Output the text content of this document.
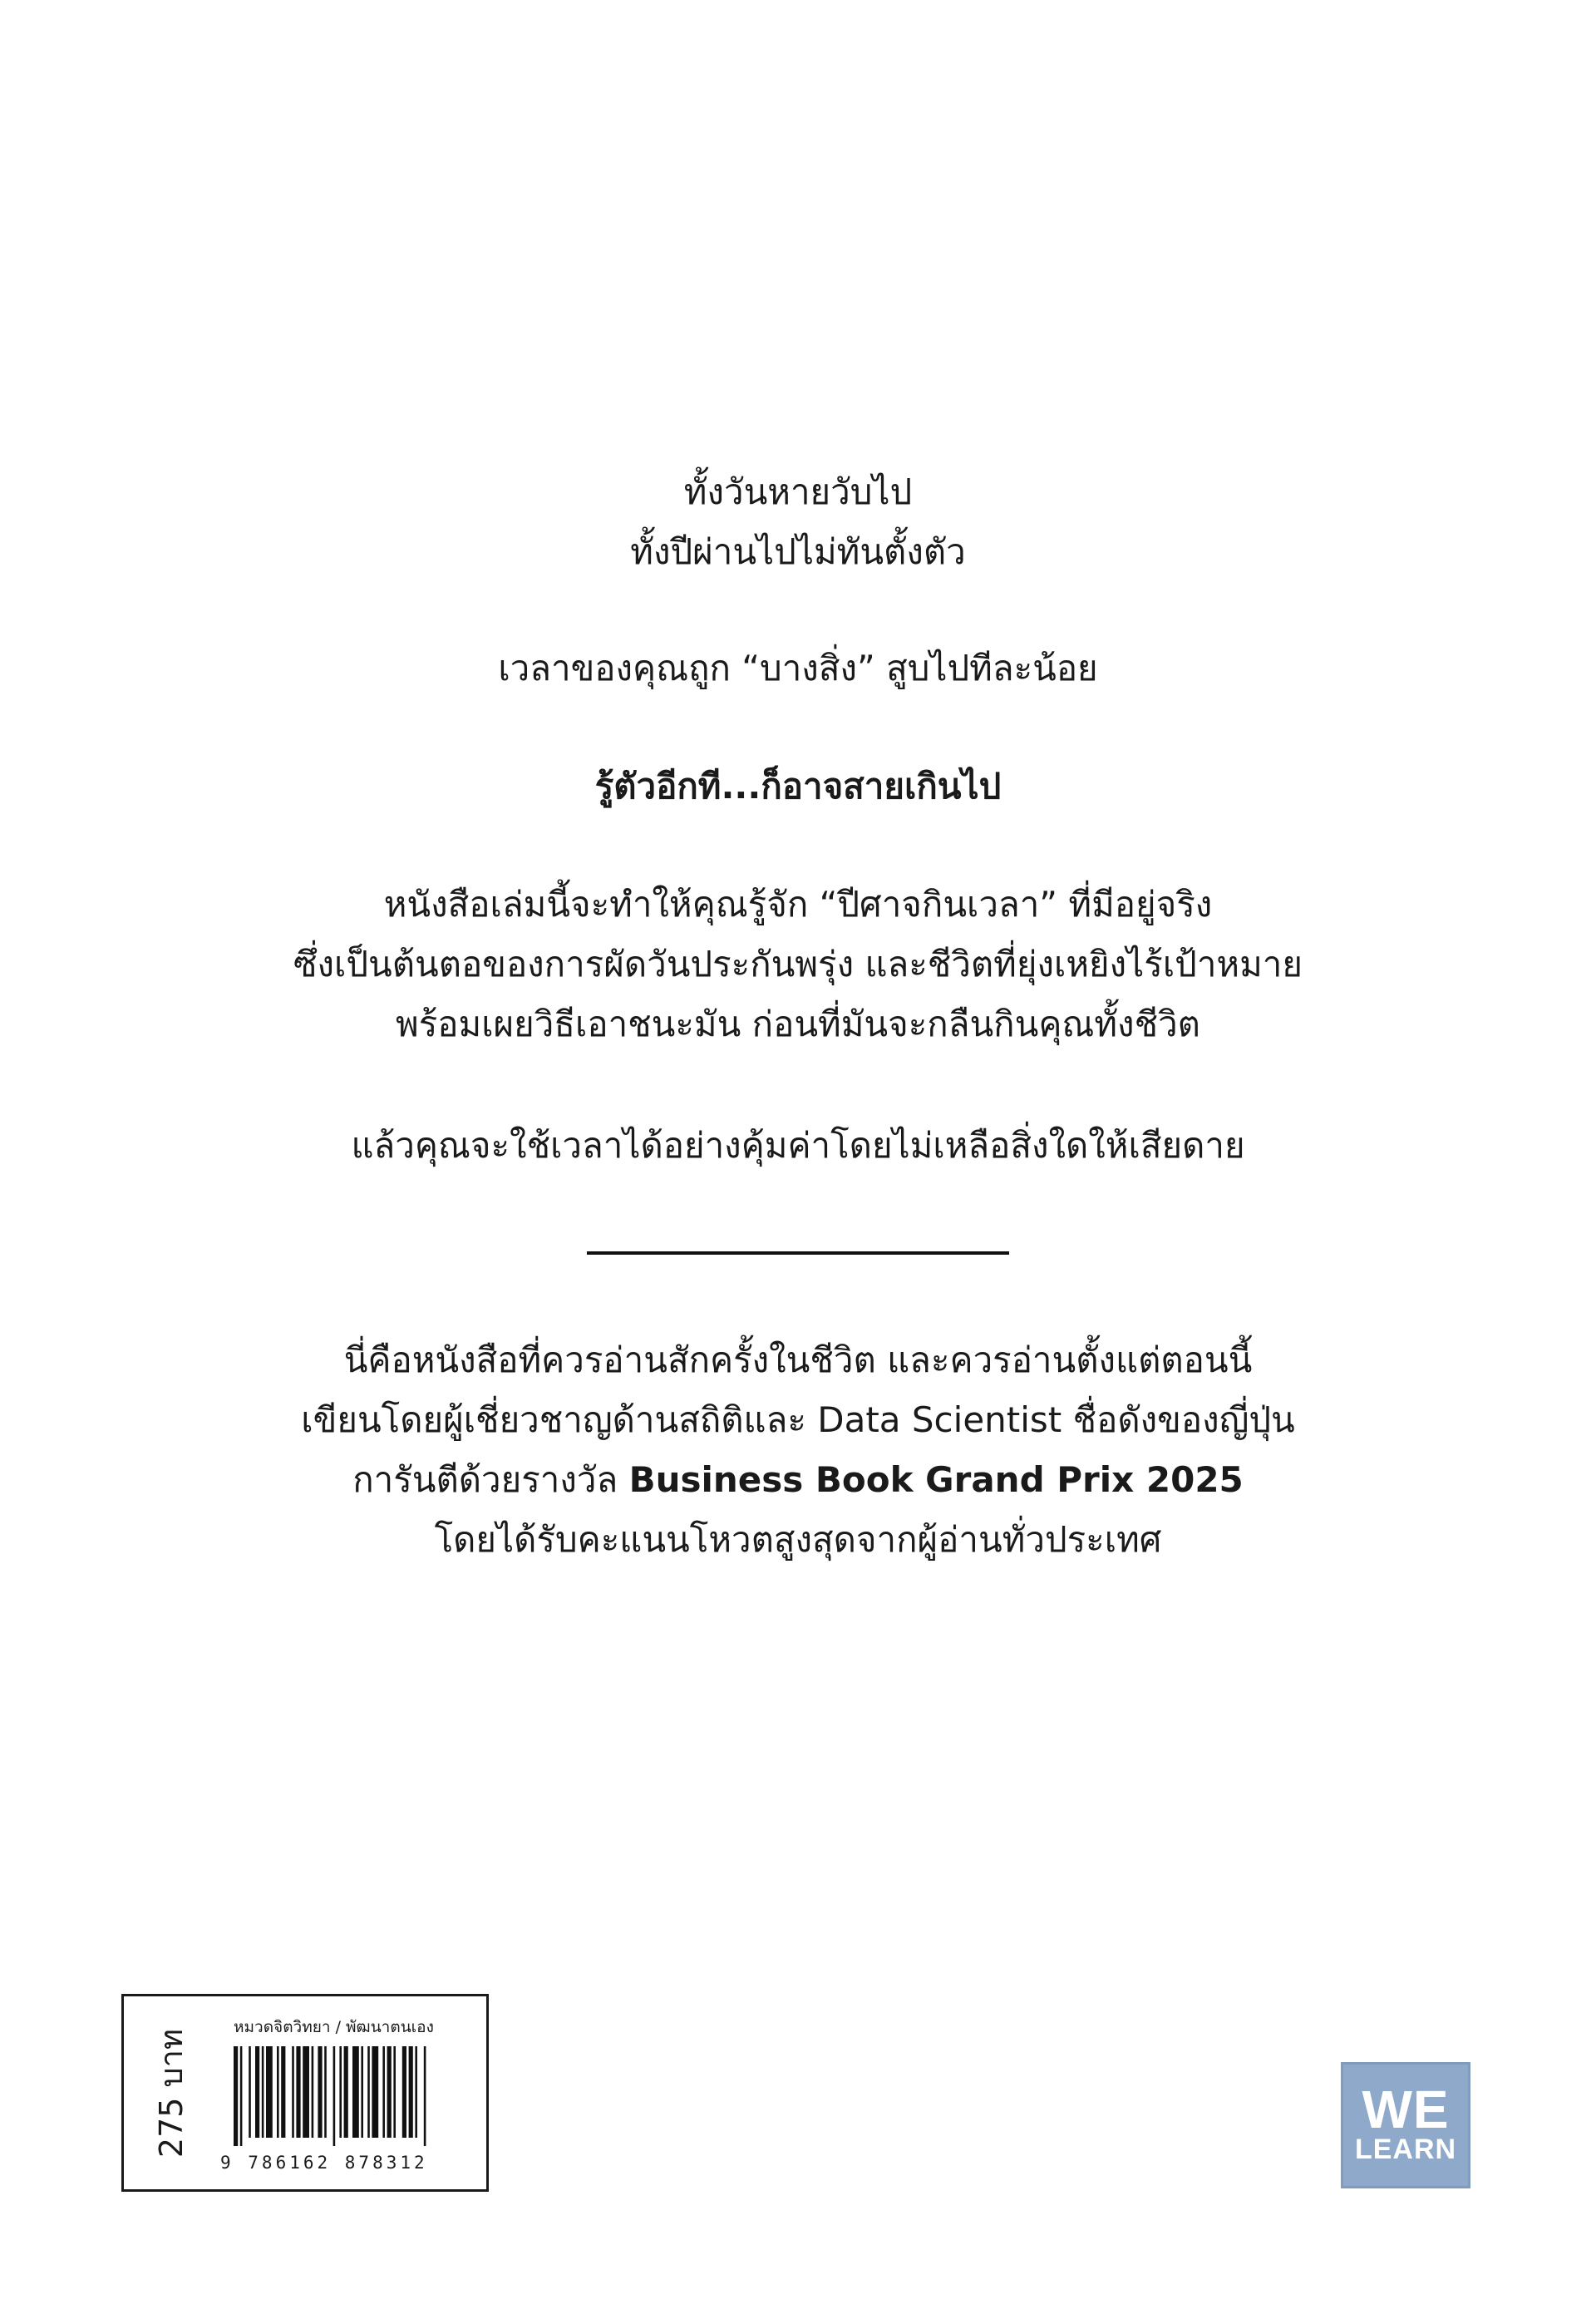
ทั้งวันหายวับไป
ทั้งปีผ่านไปไม่ทันตั้งตัว
เวลาของคุณถูก “บางสิ่ง” สูบไปทีละน้อย
รู้ตัวอีกที...ก็อาจสายเกินไป
หนังสือเล่มนี้จะทำให้คุณรู้จัก “ปีศาจกินเวลา” ที่มีอยู่จริง
ซึ่งเป็นต้นตอของการผัดวันประกันพรุ่ง และชีวิตที่ยุ่งเหยิงไร้เป้าหมาย
พร้อมเผยวิธีเอาชนะมัน ก่อนที่มันจะกลืนกินคุณทั้งชีวิต
แล้วคุณจะใช้เวลาได้อย่างคุ้มค่าโดยไม่เหลือสิ่งใดให้เสียดาย
นี่คือหนังสือที่ควรอ่านสักครั้งในชีวิต และควรอ่านตั้งแต่ตอนนี้
เขียนโดยผู้เชี่ยวชาญด้านสถิติและ Data Scientist ชื่อดังของญี่ปุ่น
การันตีด้วยรางวัล Business Book Grand Prix 2025
โดยได้รับคะแนนโหวตสูงสุดจากผู้อ่านทั่วประเทศ
275 บาท
หมวดจิตวิทยา / พัฒนาตนเอง
9 786162 878312
WE
LEARN
